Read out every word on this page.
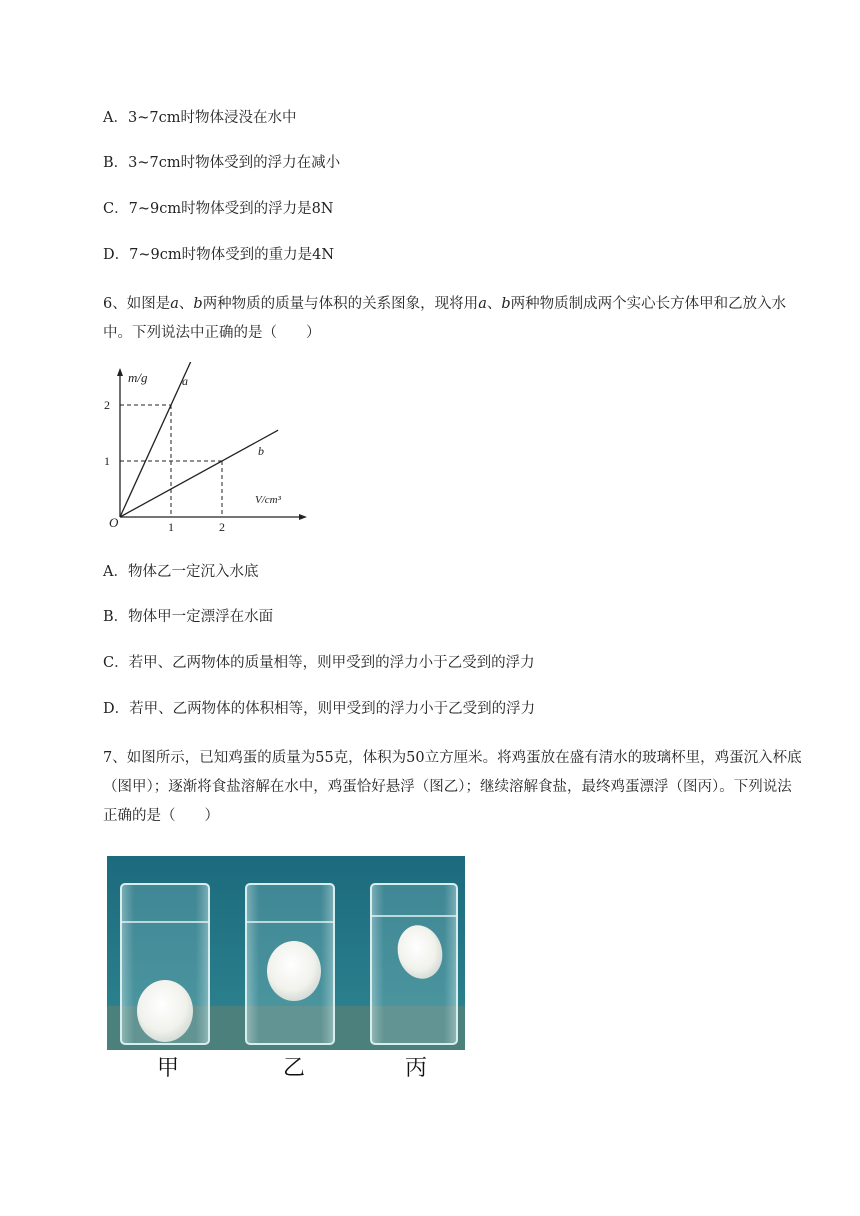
A．3~7cm时物体浸没在水中
B．3~7cm时物体受到的浮力在减小
C．7~9cm时物体受到的浮力是8N
D．7~9cm时物体受到的重力是4N

6、如图是a、b两种物质的质量与体积的关系图象，现将用a、b两种物质制成两个实心长方体甲和乙放入水中。下列说法中正确的是（　　）

1	2
1
2
m/g
V/cm³
O
a
b
A．物体乙一定沉入水底
B．物体甲一定漂浮在水面
C．若甲、乙两物体的质量相等，则甲受到的浮力小于乙受到的浮力
D．若甲、乙两物体的体积相等，则甲受到的浮力小于乙受到的浮力

7、如图所示，已知鸡蛋的质量为55克，体积为50立方厘米。将鸡蛋放在盛有清水的玻璃杯里，鸡蛋沉入杯底（图甲）；逐渐将食盐溶解在水中，鸡蛋恰好悬浮（图乙）；继续溶解食盐，最终鸡蛋漂浮（图丙）。下列说法正确的是（　　）

甲	乙	丙
